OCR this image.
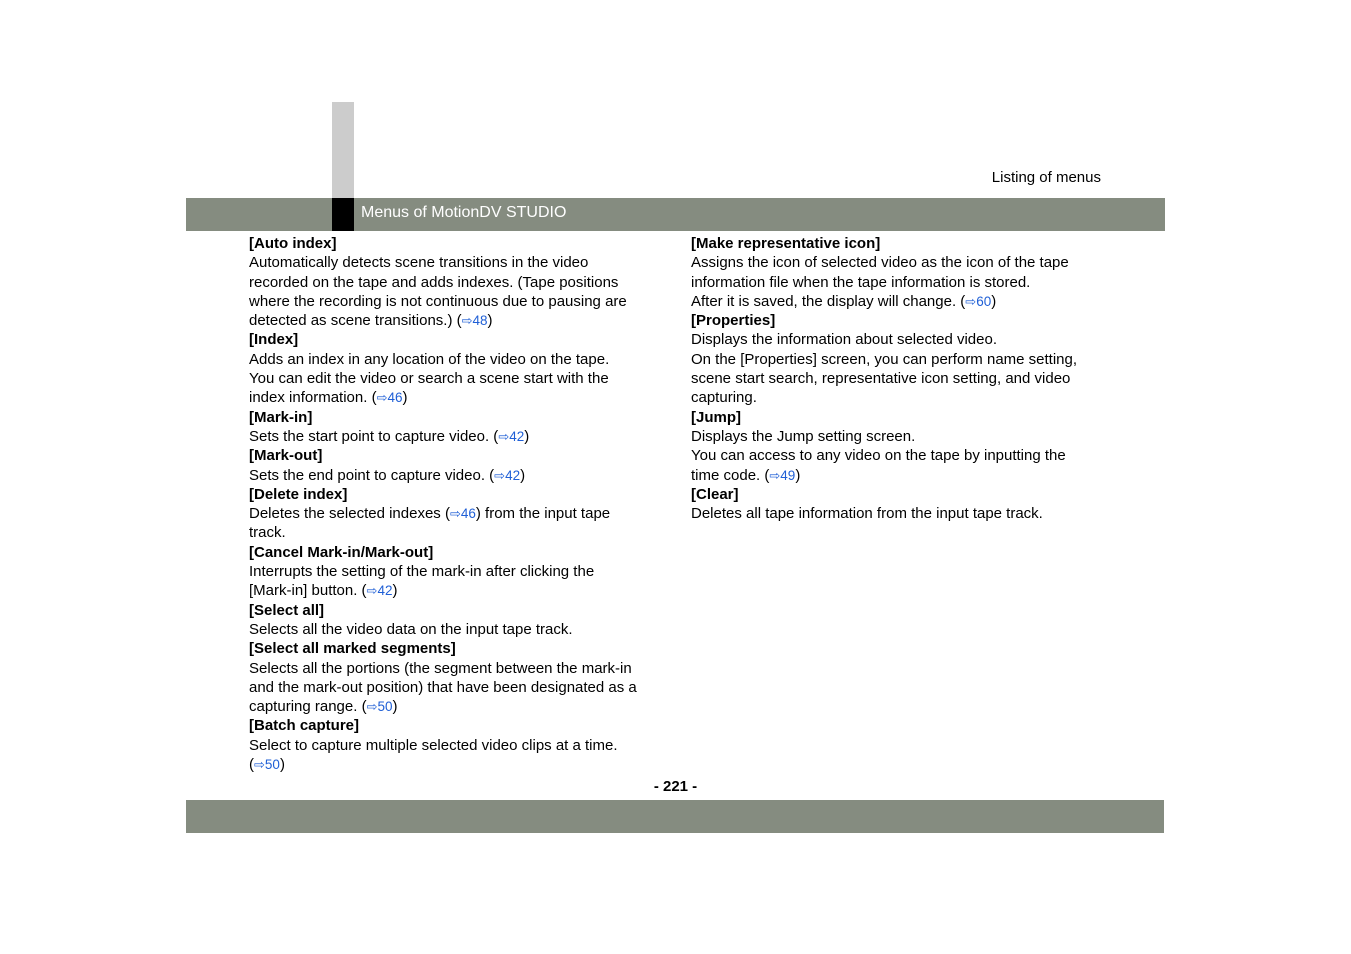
Listing of menus
Menus of MotionDV STUDIO
[Auto index]
Automatically detects scene transitions in the video
recorded on the tape and adds indexes. (Tape positions
where the recording is not continuous due to pausing are
detected as scene transitions.) (⇨48)
[Index]
Adds an index in any location of the video on the tape.
You can edit the video or search a scene start with the
index information. (⇨46)
[Mark-in]
Sets the start point to capture video. (⇨42)
[Mark-out]
Sets the end point to capture video. (⇨42)
[Delete index]
Deletes the selected indexes (⇨46) from the input tape
track.
[Cancel Mark-in/Mark-out]
Interrupts the setting of the mark-in after clicking the
[Mark-in] button. (⇨42)
[Select all]
Selects all the video data on the input tape track.
[Select all marked segments]
Selects all the portions (the segment between the mark-in
and the mark-out position) that have been designated as a
capturing range. (⇨50)
[Batch capture]
Select to capture multiple selected video clips at a time.
(⇨50)
[Make representative icon]
Assigns the icon of selected video as the icon of the tape
information file when the tape information is stored.
After it is saved, the display will change. (⇨60)
[Properties]
Displays the information about selected video.
On the [Properties] screen, you can perform name setting,
scene start search, representative icon setting, and video
capturing.
[Jump]
Displays the Jump setting screen.
You can access to any video on the tape by inputting the
time code. (⇨49)
[Clear]
Deletes all tape information from the input tape track.
- 221 -
